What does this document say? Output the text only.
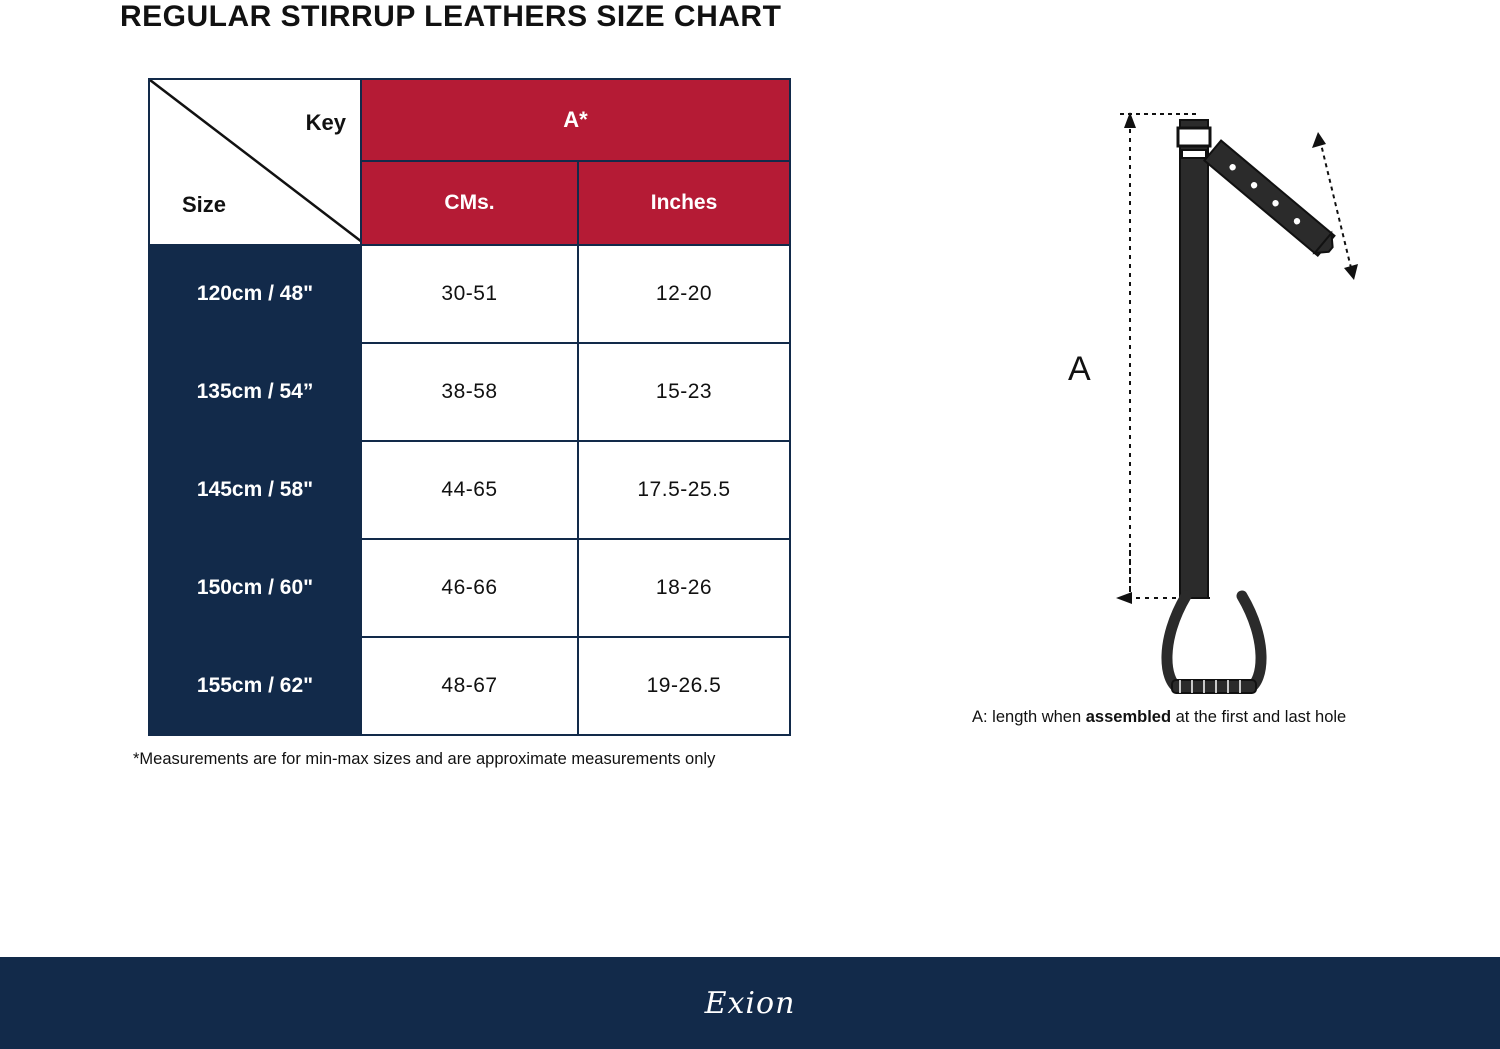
REGULAR STIRRUP LEATHERS SIZE CHART
Key
Size	A*	
	CMs.	Inches
120cm / 48"	30-51	12-20
135cm / 54”	38-58	15-23
145cm / 58"	44-65	17.5-25.5
150cm / 60"	46-66	18-26
155cm / 62"	48-67	19-26.5
*Measurements are for min-max sizes and are approximate measurements only
A
A: length when assembled at the first and last hole
Exion
